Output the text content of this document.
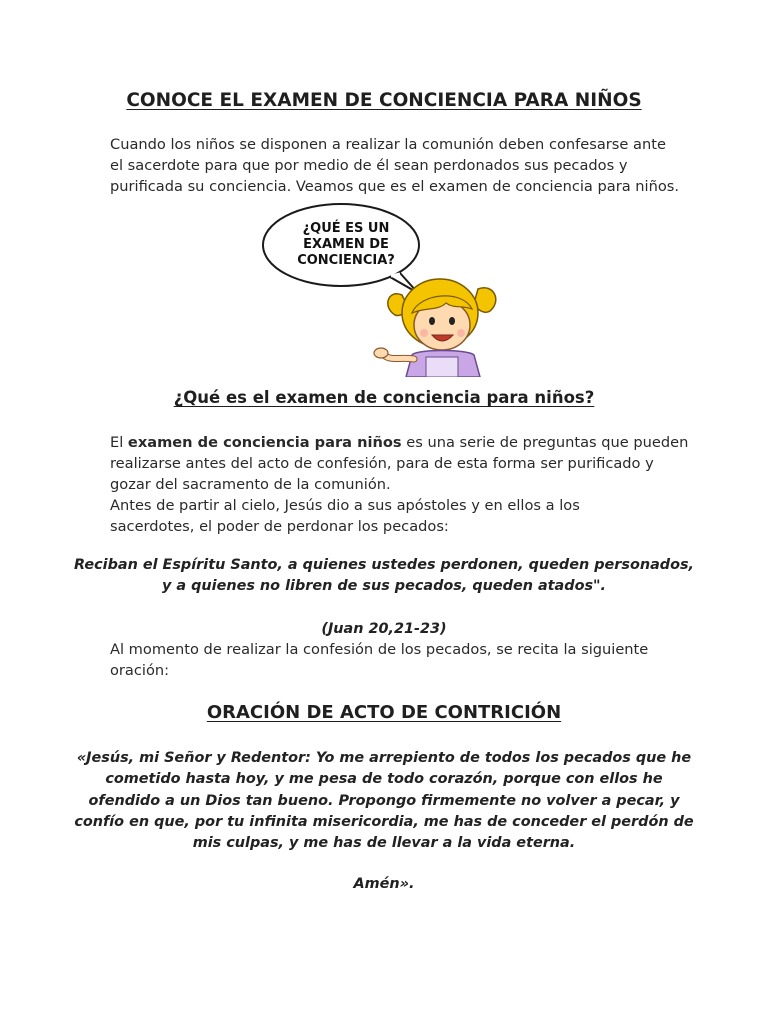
CONOCE EL EXAMEN DE CONCIENCIA PARA NIÑOS
Cuando los niños se disponen a realizar la comunión deben confesarse ante
el sacerdote para que por medio de él sean perdonados sus pecados y
purificada su conciencia. Veamos que es el examen de conciencia para niños.
¿QUÉ ES UN
EXAMEN DE
CONCIENCIA?
¿Qué es el examen de conciencia para niños?
El examen de conciencia para niños es una serie de preguntas que pueden
realizarse antes del acto de confesión, para de esta forma ser purificado y
gozar del sacramento de la comunión.
Antes de partir al cielo, Jesús dio a sus apóstoles y en ellos a los
sacerdotes, el poder de perdonar los pecados:
Reciban el Espíritu Santo, a quienes ustedes perdonen, queden personados,
y a quienes no libren de sus pecados, queden atados".
(Juan 20,21-23)
Al momento de realizar la confesión de los pecados, se recita la siguiente
oración:
ORACIÓN DE ACTO DE CONTRICIÓN
«Jesús, mi Señor y Redentor: Yo me arrepiento de todos los pecados que he
cometido hasta hoy, y me pesa de todo corazón, porque con ellos he
ofendido a un Dios tan bueno. Propongo firmemente no volver a pecar, y
confío en que, por tu infinita misericordia, me has de conceder el perdón de
mis culpas, y me has de llevar a la vida eterna.
Amén».
